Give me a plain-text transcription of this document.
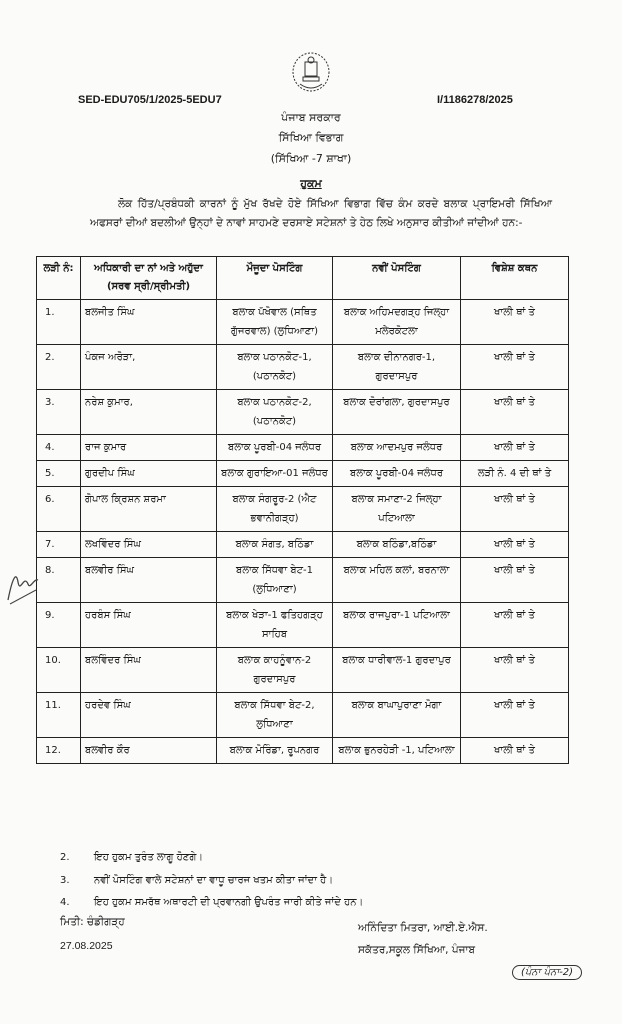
SED-EDU705/1/2025-5EDU7	I/1186278/2025
ਪੰਜਾਬ ਸਰਕਾਰ
ਸਿੱਖਿਆ ਵਿਭਾਗ
(ਸਿੱਖਿਆ -7 ਸ਼ਾਖਾ)
ਹੁਕਮ
ਲੋਕ ਹਿੱਤ/ਪ੍ਰਬੰਧਕੀ ਕਾਰਨਾਂ ਨੂੰ ਮੁੱਖ ਰੱਖਦੇ ਹੋਏ ਸਿੱਖਿਆ ਵਿਭਾਗ ਵਿੱਚ ਕੰਮ ਕਰਦੇ ਬਲਾਕ ਪ੍ਰਾਇਮਰੀ ਸਿੱਖਿਆ ਅਫਸਰਾਂ ਦੀਆਂ ਬਦਲੀਆਂ ਉਨ੍ਹਾਂ ਦੇ ਨਾਵਾਂ ਸਾਹਮਣੇ ਦਰਸਾਏ ਸਟੇਸ਼ਨਾਂ ਤੇ ਹੇਠ ਲਿਖੇ ਅਨੁਸਾਰ ਕੀਤੀਆਂ ਜਾਂਦੀਆਂ ਹਨ:-
ਲੜੀ ਨੰ:	ਅਧਿਕਾਰੀ ਦਾ ਨਾਂ ਅਤੇ ਅਹੁੱਦਾ (ਸਰਵ ਸ੍ਰੀ/ਸ੍ਰੀਮਤੀ)	ਮੌਜੂਦਾ ਪੋਸਟਿੰਗ	ਨਵੀਂ ਪੋਸਟਿੰਗ	ਵਿਸ਼ੇਸ਼ ਕਥਨ
1.	ਬਲਜੀਤ ਸਿੰਘ	ਬਲਾਕ ਪੱਖੋਵਾਲ (ਸਥਿਤ ਗੁੱਜਰਵਾਲ) (ਲੁਧਿਆਣਾ)	ਬਲਾਕ ਅਹਿਮਦਗੜ੍ਹ ਜਿਲ੍ਹਾ ਮਲੇਰਕੋਟਲਾ	ਖਾਲੀ ਥਾਂ ਤੇ
2.	ਪੰਕਜ ਅਰੋੜਾ,	ਬਲਾਕ ਪਠਾਨਕੋਟ-1, (ਪਠਾਨਕੋਟ)	ਬਲਾਕ ਦੀਨਾਨਗਰ-1, ਗੁਰਦਾਸਪੁਰ	ਖਾਲੀ ਥਾਂ ਤੇ
3.	ਨਰੇਸ਼ ਕੁਮਾਰ,	ਬਲਾਕ ਪਠਾਨਕੋਟ-2, (ਪਠਾਨਕੋਟ)	ਬਲਾਕ ਦੋਰਾਂਗਲਾ, ਗੁਰਦਾਸਪੁਰ	ਖਾਲੀ ਥਾਂ ਤੇ
4.	ਰਾਜ ਕੁਮਾਰ	ਬਲਾਕ ਪੂਰਬੀ-04 ਜਲੰਧਰ	ਬਲਾਕ ਆਦਮਪੁਰ ਜਲੰਧਰ	ਖਾਲੀ ਥਾਂ ਤੇ
5.	ਗੁਰਦੀਪ ਸਿੰਘ	ਬਲਾਕ ਗੁਰਾਇਆ-01 ਜਲੰਧਰ	ਬਲਾਕ ਪੂਰਬੀ-04 ਜਲੰਧਰ	ਲੜੀ ਨੰ. 4 ਦੀ ਥਾਂ ਤੇ
6.	ਗੋਪਾਲ ਕ੍ਰਿਸ਼ਨ ਸ਼ਰਮਾ	ਬਲਾਕ ਸੰਗਰੂਰ-2 (ਐਟ ਭਵਾਨੀਗੜ੍ਹ)	ਬਲਾਕ ਸਮਾਣਾ-2 ਜਿਲ੍ਹਾ ਪਟਿਆਲਾ	ਖਾਲੀ ਥਾਂ ਤੇ
7.	ਲਖਵਿੰਦਰ ਸਿੰਘ	ਬਲਾਕ ਸੰਗਤ, ਬਠਿੰਡਾ	ਬਲਾਕ ਬਠਿੰਡਾ,ਬਠਿੰਡਾ	ਖਾਲੀ ਥਾਂ ਤੇ
8.	ਬਲਵੀਰ ਸਿੰਘ	ਬਲਾਕ ਸਿੱਧਵਾ ਬੇਟ-1 (ਲੁਧਿਆਣਾ)	ਬਲਾਕ ਮਹਿਲ ਕਲਾਂ, ਬਰਨਾਲਾ	ਖਾਲੀ ਥਾਂ ਤੇ
9.	ਹਰਬੰਸ ਸਿੰਘ	ਬਲਾਕ ਖੇੜਾ-1 ਫਤਿਹਗੜ੍ਹ ਸਾਹਿਬ	ਬਲਾਕ ਰਾਜਪੁਰਾ-1 ਪਟਿਆਲਾ	ਖਾਲੀ ਥਾਂ ਤੇ
10.	ਬਲਵਿੰਦਰ ਸਿੰਘ	ਬਲਾਕ ਕਾਹਨੂੰਵਾਨ-2 ਗੁਰਦਾਸਪੁਰ	ਬਲਾਕ ਧਾਰੀਵਾਲ-1 ਗੁਰਦਾਪੁਰ	ਖਾਲੀ ਥਾਂ ਤੇ
11.	ਹਰਦੇਵ ਸਿੰਘ	ਬਲਾਕ ਸਿੱਧਵਾ ਬੇਟ-2, ਲੁਧਿਆਣਾ	ਬਲਾਕ ਬਾਘਾਪੁਰਾਣਾ ਮੋਗਾ	ਖਾਲੀ ਥਾਂ ਤੇ
12.	ਬਲਵੀਰ ਕੌਰ	ਬਲਾਕ ਮੋਰਿੰਡਾ, ਰੂਪਨਗਰ	ਬਲਾਕ ਭੁਨਰਹੇੜੀ -1, ਪਟਿਆਲਾ	ਖਾਲੀ ਥਾਂ ਤੇ
2. ਇਹ ਹੁਕਮ ਤੁਰੰਤ ਲਾਗੂ ਹੋਣਗੇ।
3. ਨਵੀਂ ਪੋਸਟਿੰਗ ਵਾਲੇ ਸਟੇਸ਼ਨਾਂ ਦਾ ਵਾਧੂ ਚਾਰਜ ਖਤਮ ਕੀਤਾ ਜਾਂਦਾ ਹੈ।
4. ਇਹ ਹੁਕਮ ਸਮਰੱਥ ਅਥਾਰਟੀ ਦੀ ਪ੍ਰਵਾਨਗੀ ਉਪਰੰਤ ਜਾਰੀ ਕੀਤੇ ਜਾਂਦੇ ਹਨ।
ਮਿਤੀ: ਚੰਡੀਗੜ੍ਹ
27.08.2025
ਅਨਿੰਦਿਤਾ ਮਿਤਰਾ, ਆਈ.ਏ.ਐਸ.
ਸਕੱਤਰ,ਸਕੂਲ ਸਿੱਖਿਆ, ਪੰਜਾਬ
(ਪੰਨਾ ਪੰਨਾ-2)
